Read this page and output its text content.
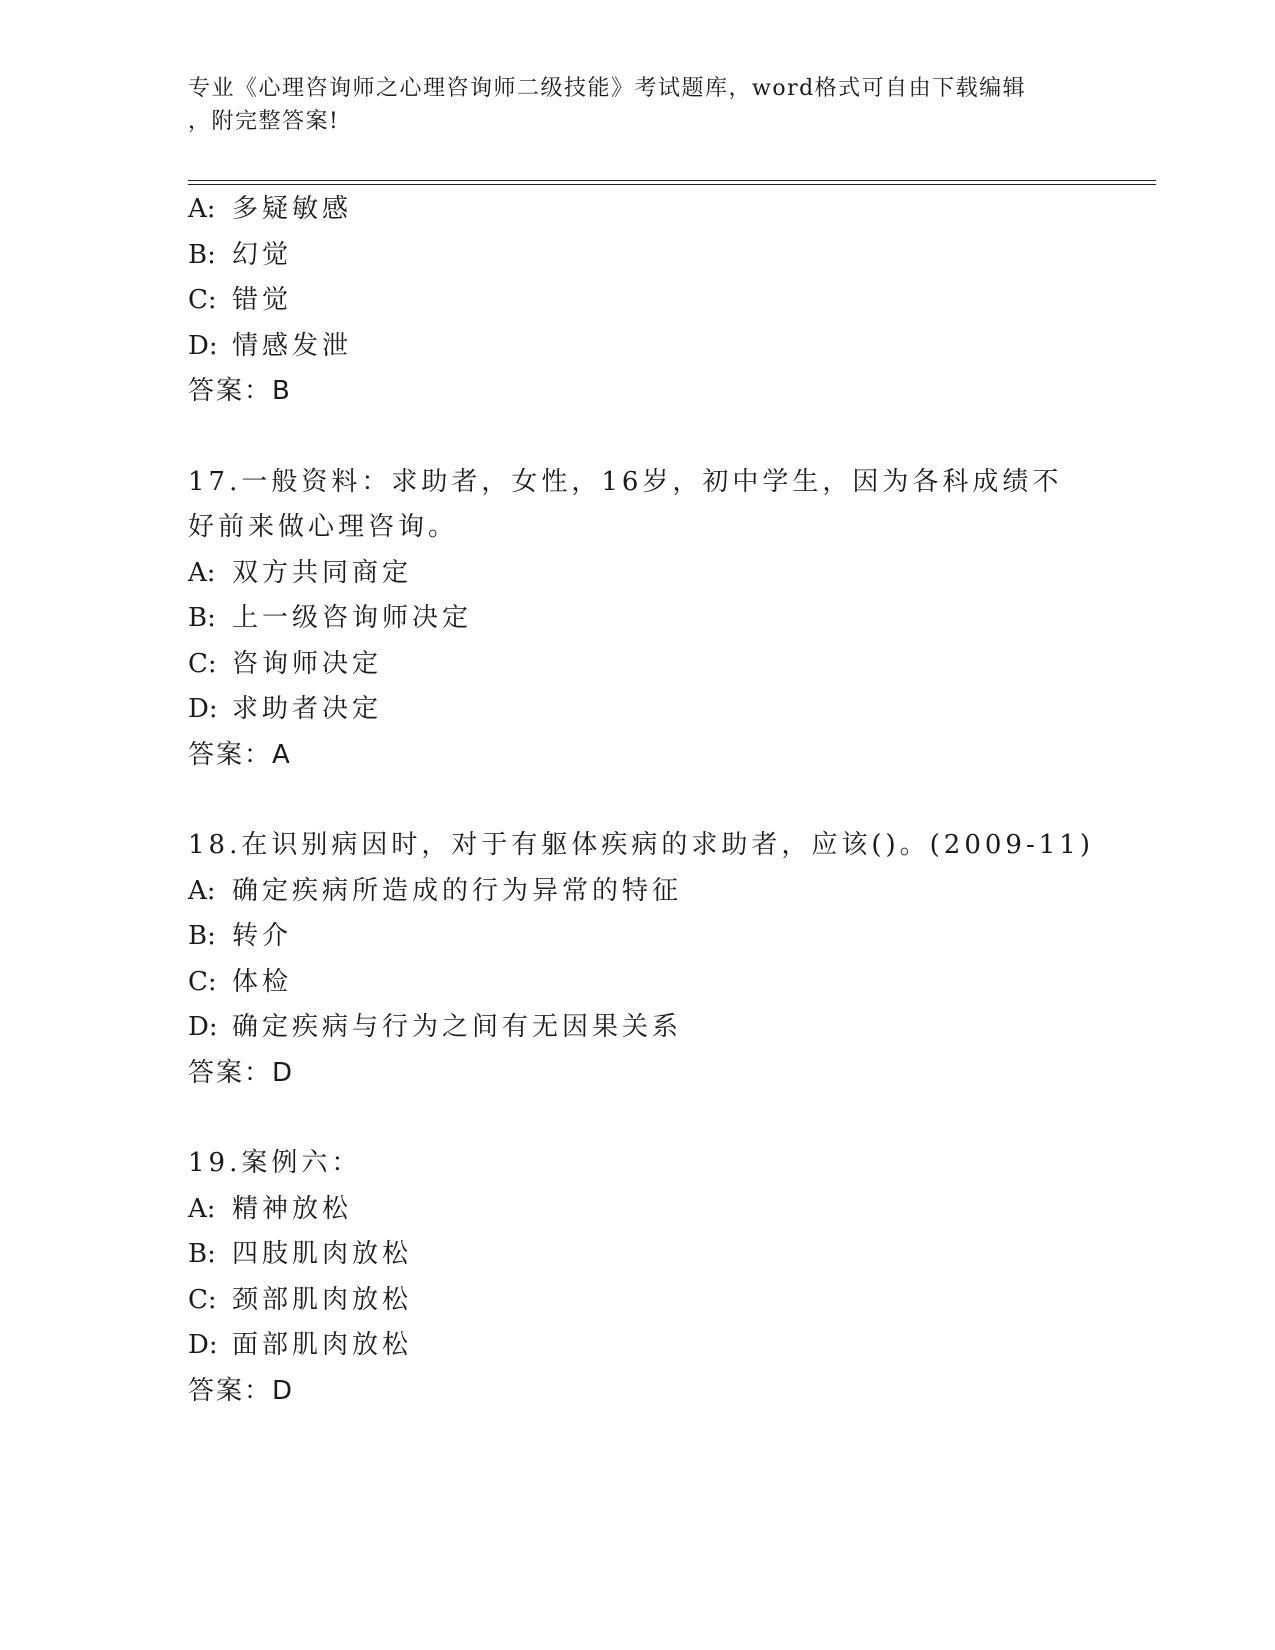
专业《心理咨询师之心理咨询师二级技能》考试题库，word格式可自由下载编辑
，附完整答案!
A: 多疑敏感
B: 幻觉
C: 错觉
D: 情感发泄
答案：B
17.一般资料：求助者，女性，16岁，初中学生，因为各科成绩不好前来做心理咨询。
A: 双方共同商定
B: 上一级咨询师决定
C: 咨询师决定
D: 求助者决定
答案：A
18.在识别病因时，对于有躯体疾病的求助者，应该()。(2009-11)
A: 确定疾病所造成的行为异常的特征
B: 转介
C: 体检
D: 确定疾病与行为之间有无因果关系
答案：D
19.案例六：
A: 精神放松
B: 四肢肌肉放松
C: 颈部肌肉放松
D: 面部肌肉放松
答案：D
